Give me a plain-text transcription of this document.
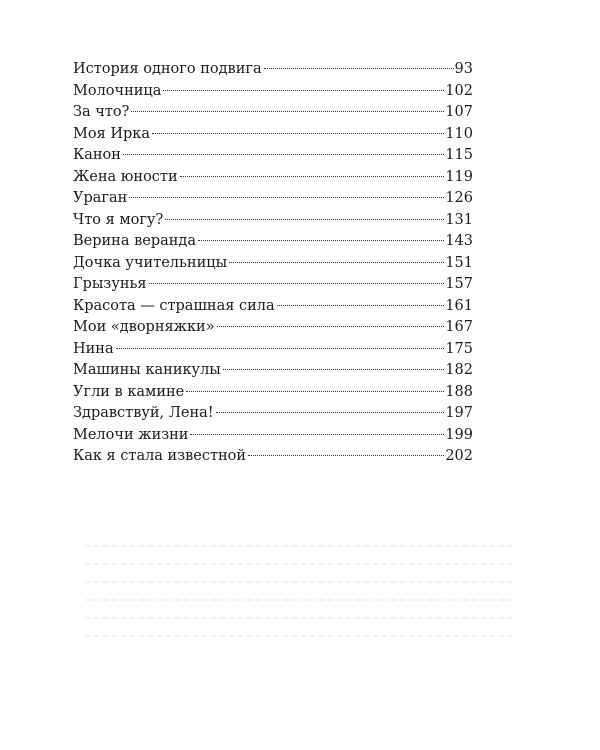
История одного подвига	93
Молочница	102
За что?	107
Моя Ирка	110
Канон	115
Жена юности	119
Ураган	126
Что я могу?	131
Верина веранда	143
Дочка учительницы	151
Грызунья	157
Красота — страшная сила	161
Мои «дворняжки»	167
Нина	175
Машины каникулы	182
Угли в камине	188
Здравствуй, Лена!	197
Мелочи жизни	199
Как я стала известной	202
